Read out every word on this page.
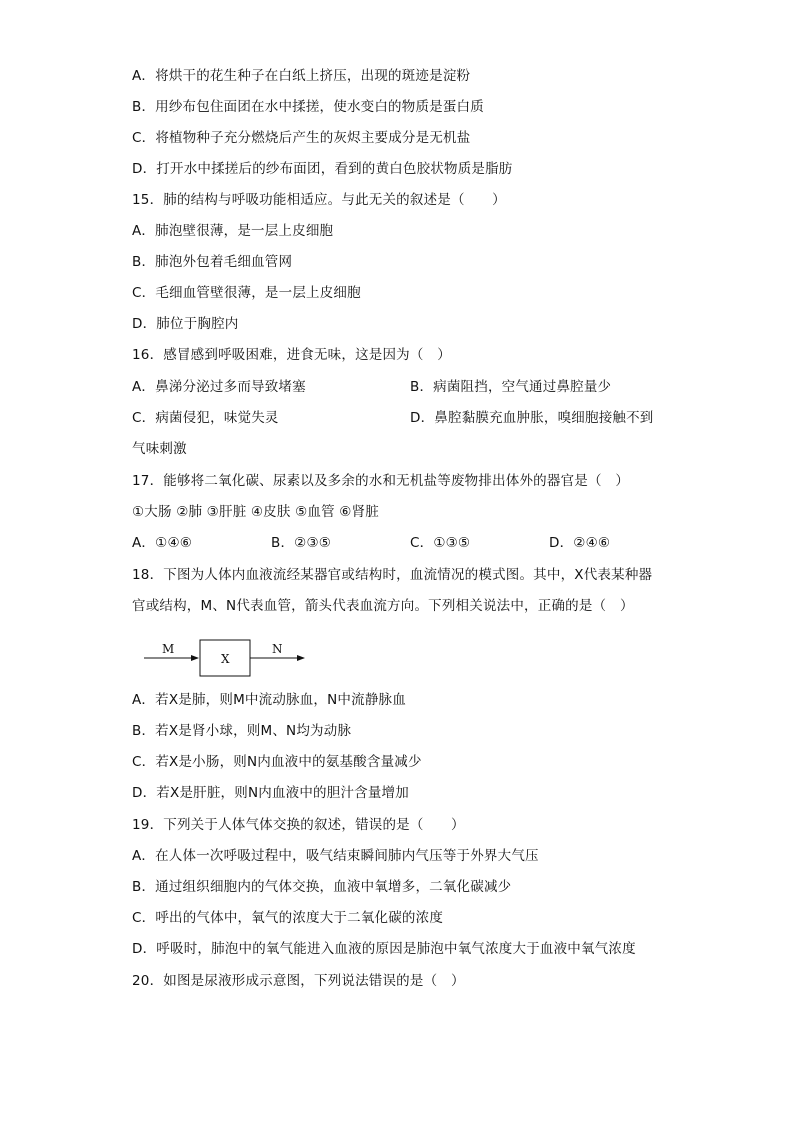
A．将烘干的花生种子在白纸上挤压，出现的斑迹是淀粉
B．用纱布包住面团在水中揉搓，使水变白的物质是蛋白质
C．将植物种子充分燃烧后产生的灰烬主要成分是无机盐
D．打开水中揉搓后的纱布面团，看到的黄白色胶状物质是脂肪
15．肺的结构与呼吸功能相适应。与此无关的叙述是（　　）
A．肺泡壁很薄，是一层上皮细胞
B．肺泡外包着毛细血管网
C．毛细血管壁很薄，是一层上皮细胞
D．肺位于胸腔内
16．感冒感到呼吸困难，进食无味，这是因为（　）
A．鼻涕分泌过多而导致堵塞	B．病菌阻挡，空气通过鼻腔量少
C．病菌侵犯，味觉失灵	D．鼻腔黏膜充血肿胀，嗅细胞接触不到
气味刺激
17．能够将二氧化碳、尿素以及多余的水和无机盐等废物排出体外的器官是（　）
①大肠 ②肺 ③肝脏 ④皮肤 ⑤血管 ⑥肾脏
A．①④⑥	B．②③⑤	C．①③⑤	D．②④⑥
18．下图为人体内血液流经某器官或结构时，血流情况的模式图。其中，X代表某种器
官或结构，M、N代表血管，箭头代表血流方向。下列相关说法中，正确的是（　）
M
X
N
A．若X是肺，则M中流动脉血，N中流静脉血
B．若X是肾小球，则M、N均为动脉
C．若X是小肠，则N内血液中的氨基酸含量减少
D．若X是肝脏，则N内血液中的胆汁含量增加
19．下列关于人体气体交换的叙述，错误的是（　　）
A．在人体一次呼吸过程中，吸气结束瞬间肺内气压等于外界大气压
B．通过组织细胞内的气体交换，血液中氧增多，二氧化碳减少
C．呼出的气体中，氧气的浓度大于二氧化碳的浓度
D．呼吸时，肺泡中的氧气能进入血液的原因是肺泡中氧气浓度大于血液中氧气浓度
20．如图是尿液形成示意图，下列说法错误的是（　）
